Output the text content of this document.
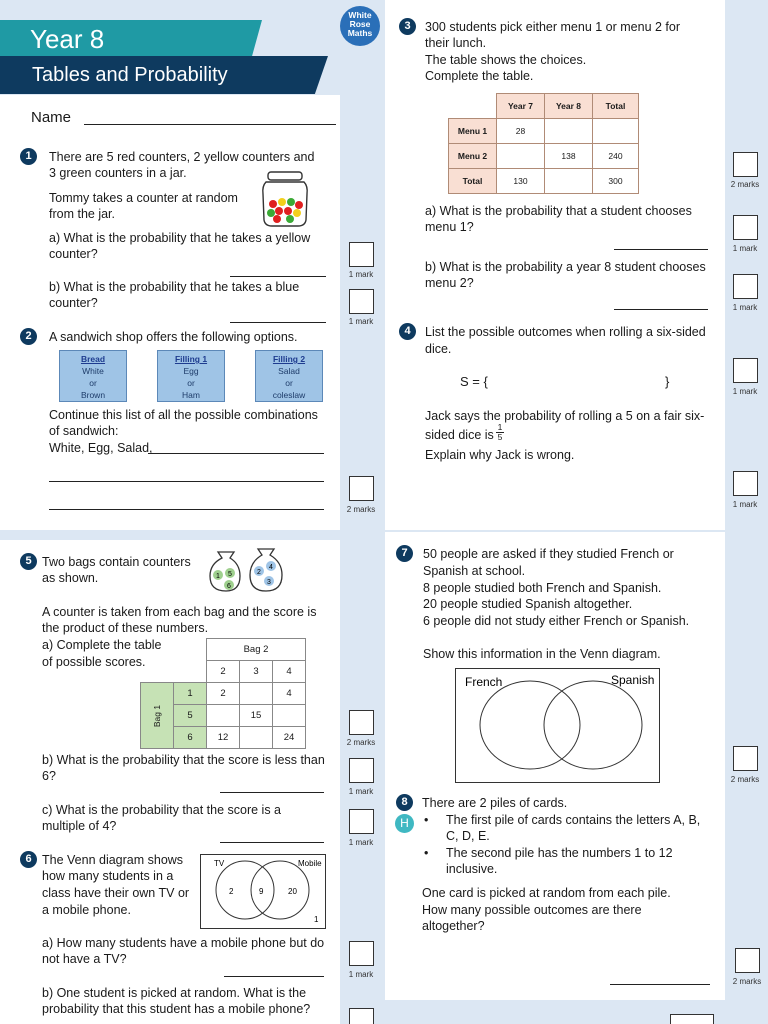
Year 8
Tables and Probability
White
Rose
Maths
Name
1	There are 5 red counters, 2 yellow counters and
3 green counters in a jar.
Tommy takes a counter at random
from the jar.
a) What is the probability that he takes a yellow
counter?
b) What is the probability that he takes a blue
counter?
2	A sandwich shop offers the following options.
Bread
White
or
Brown
Filling 1
Egg
or
Ham
Filling 2
Salad
or
coleslaw
Continue this list of all the possible combinations
of sandwich:
White, Egg, Salad,
5 Two bags contain counters
as shown.	1 5
6
2
4
3
A counter is taken from each bag and the score is
the product of these numbers.
a) Complete the table
of possible scores.
		Bag 2		
		2	3	4

Bag 1	1	2		4
	5		15	
	6	12		24
b) What is the probability that the score is less than
6?
c) What is the probability that the score is a
multiple of 4?
6 The Venn diagram shows
how many students in a
class have their own TV or
a mobile phone.
TV	Mobile
2	9	20
1
a) How many students have a mobile phone but do
not have a TV?
b) One student is picked at random. What is the
probability that this student has a mobile phone?
3	300 students pick either menu 1 or menu 2 for
their lunch.
The table shows the choices.
Complete the table.
	Year 7	Year 8	Total
Menu 1	28		
Menu 2		138	240
Total	130		300
a) What is the probability that a student chooses
menu 1?
b) What is the probability a year 8 student chooses
menu 2?
4	List the possible outcomes when rolling a six-sided
dice.
S = {	}
Jack says the probability of rolling a 5 on a fair six-
sided dice is
1
5
Explain why Jack is wrong.
7	50 people are asked if they studied French or
Spanish at school.
8 people studied both French and Spanish.
20 people studied Spanish altogether.
6 people did not study either French or Spanish.
Show this information in the Venn diagram.
French	Spanish
8
H
There are 2 piles of cards.
• The first pile of cards contains the letters A, B,
C, D, E.
• The second pile has the numbers 1 to 12
inclusive.
One card is picked at random from each pile.
How many possible outcomes are there
altogether?
1 mark
1 mark
2 marks
2 marks
1 mark
1 mark
1 mark
2 marks
1 mark
1 mark
1 mark
1 mark
2 marks
2 marks
